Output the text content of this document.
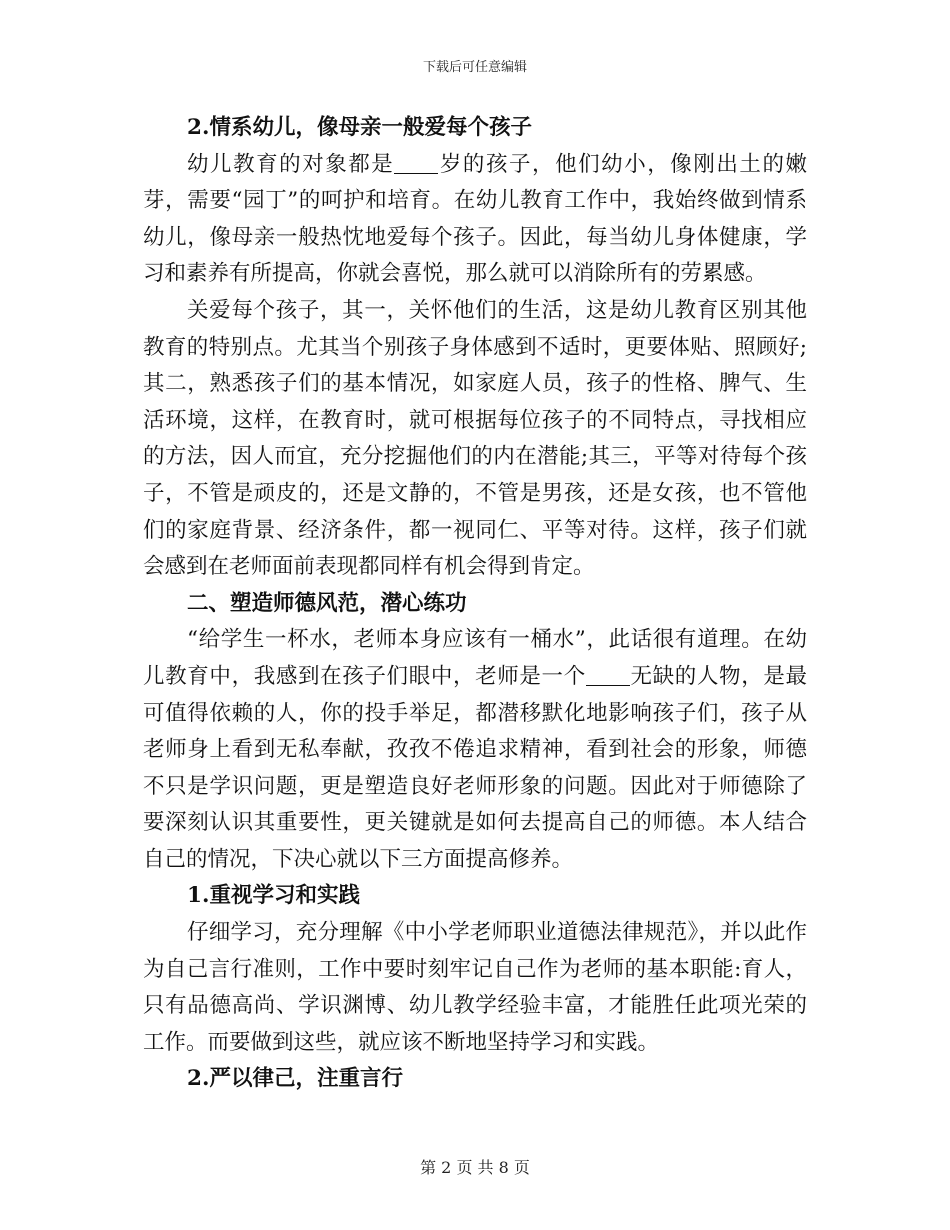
下载后可任意编辑

2.情系幼儿，像母亲一般爱每个孩子

幼儿教育的对象都是 岁的孩子，他们幼小，像刚出土的嫩芽，需要“园丁”的呵护和培育。在幼儿教育工作中，我始终做到情系幼儿，像母亲一般热忱地爱每个孩子。因此，每当幼儿身体健康，学习和素养有所提高，你就会喜悦，那么就可以消除所有的劳累感。

关爱每个孩子，其一，关怀他们的生活，这是幼儿教育区别其他教育的特别点。尤其当个别孩子身体感到不适时，更要体贴、照顾好;其二，熟悉孩子们的基本情况，如家庭人员，孩子的性格、脾气、生活环境，这样，在教育时，就可根据每位孩子的不同特点，寻找相应的方法，因人而宜，充分挖掘他们的内在潜能;其三，平等对待每个孩子，不管是顽皮的，还是文静的，不管是男孩，还是女孩，也不管他们的家庭背景、经济条件，都一视同仁、平等对待。这样，孩子们就会感到在老师面前表现都同样有机会得到肯定。

二、塑造师德风范，潜心练功

“给学生一杯水，老师本身应该有一桶水”，此话很有道理。在幼儿教育中，我感到在孩子们眼中，老师是一个 无缺的人物，是最可值得依赖的人，你的投手举足，都潜移默化地影响孩子们，孩子从老师身上看到无私奉献，孜孜不倦追求精神，看到社会的形象，师德不只是学识问题，更是塑造良好老师形象的问题。因此对于师德除了要深刻认识其重要性，更关键就是如何去提高自己的师德。本人结合自己的情况，下决心就以下三方面提高修养。

1.重视学习和实践

仔细学习，充分理解《中小学老师职业道德法律规范》，并以此作为自己言行准则，工作中要时刻牢记自己作为老师的基本职能:育人，只有品德高尚、学识渊博、幼儿教学经验丰富，才能胜任此项光荣的工作。而要做到这些，就应该不断地坚持学习和实践。

2.严以律己，注重言行

第 2 页 共 8 页
